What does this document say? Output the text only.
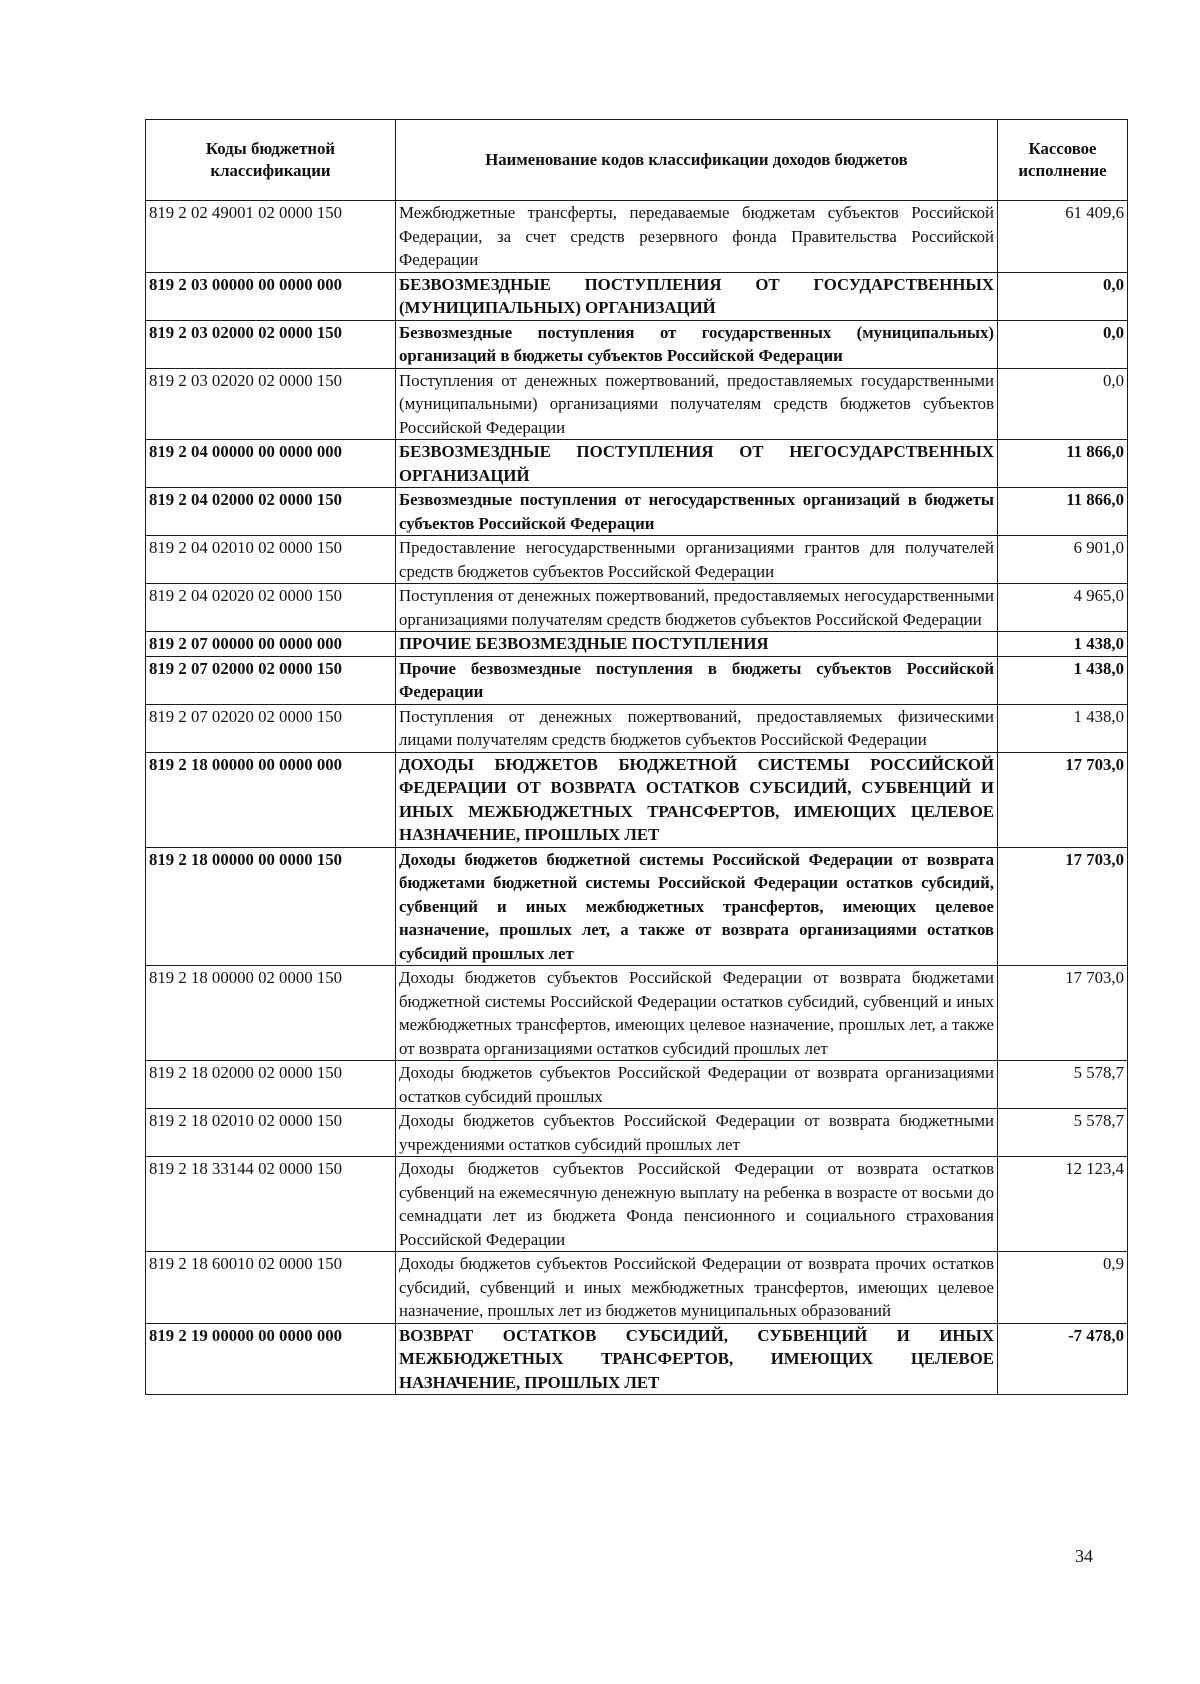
Коды бюджетной классификации	Наименование кодов классификации доходов бюджетов	Кассовое исполнение
819 2 02 49001 02 0000 150	Межбюджетные трансферты, передаваемые бюджетам субъектов Российской Федерации, за счет средств резервного фонда Правительства Российской Федерации	61 409,6
819 2 03 00000 00 0000 000	БЕЗВОЗМЕЗДНЫЕ ПОСТУПЛЕНИЯ ОТ ГОСУДАРСТВЕННЫХ (МУНИЦИПАЛЬНЫХ) ОРГАНИЗАЦИЙ	0,0
819 2 03 02000 02 0000 150	Безвозмездные поступления от государственных (муниципальных) организаций в бюджеты субъектов Российской Федерации	0,0
819 2 03 02020 02 0000 150	Поступления от денежных пожертвований, предоставляемых государственными (муниципальными) организациями получателям средств бюджетов субъектов Российской Федерации	0,0
819 2 04 00000 00 0000 000	БЕЗВОЗМЕЗДНЫЕ ПОСТУПЛЕНИЯ ОТ НЕГОСУДАРСТВЕННЫХ ОРГАНИЗАЦИЙ	11 866,0
819 2 04 02000 02 0000 150	Безвозмездные поступления от негосударственных организаций в бюджеты субъектов Российской Федерации	11 866,0
819 2 04 02010 02 0000 150	Предоставление негосударственными организациями грантов для получателей средств бюджетов субъектов Российской Федерации	6 901,0
819 2 04 02020 02 0000 150	Поступления от денежных пожертвований, предоставляемых негосударственными организациями получателям средств бюджетов субъектов Российской Федерации	4 965,0
819 2 07 00000 00 0000 000	ПРОЧИЕ БЕЗВОЗМЕЗДНЫЕ ПОСТУПЛЕНИЯ	1 438,0
819 2 07 02000 02 0000 150	Прочие безвозмездные поступления в бюджеты субъектов Российской Федерации	1 438,0
819 2 07 02020 02 0000 150	Поступления от денежных пожертвований, предоставляемых физическими лицами получателям средств бюджетов субъектов Российской Федерации	1 438,0
819 2 18 00000 00 0000 000	ДОХОДЫ БЮДЖЕТОВ БЮДЖЕТНОЙ СИСТЕМЫ РОССИЙСКОЙ ФЕДЕРАЦИИ ОТ ВОЗВРАТА ОСТАТКОВ СУБСИДИЙ, СУБВЕНЦИЙ И ИНЫХ МЕЖБЮДЖЕТНЫХ ТРАНСФЕРТОВ, ИМЕЮЩИХ ЦЕЛЕВОЕ НАЗНАЧЕНИЕ, ПРОШЛЫХ ЛЕТ	17 703,0
819 2 18 00000 00 0000 150	Доходы бюджетов бюджетной системы Российской Федерации от возврата бюджетами бюджетной системы Российской Федерации остатков субсидий, субвенций и иных межбюджетных трансфертов, имеющих целевое назначение, прошлых лет, а также от возврата организациями остатков субсидий прошлых лет	17 703,0
819 2 18 00000 02 0000 150	Доходы бюджетов субъектов Российской Федерации от возврата бюджетами бюджетной системы Российской Федерации остатков субсидий, субвенций и иных межбюджетных трансфертов, имеющих целевое назначение, прошлых лет, а также от возврата организациями остатков субсидий прошлых лет	17 703,0
819 2 18 02000 02 0000 150	Доходы бюджетов субъектов Российской Федерации от возврата организациями остатков субсидий прошлых	5 578,7
819 2 18 02010 02 0000 150	Доходы бюджетов субъектов Российской Федерации от возврата бюджетными учреждениями остатков субсидий прошлых лет	5 578,7
819 2 18 33144 02 0000 150	Доходы бюджетов субъектов Российской Федерации от возврата остатков субвенций на ежемесячную денежную выплату на ребенка в возрасте от восьми до семнадцати лет из бюджета Фонда пенсионного и социального страхования Российской Федерации	12 123,4
819 2 18 60010 02 0000 150	Доходы бюджетов субъектов Российской Федерации от возврата прочих остатков субсидий, субвенций и иных межбюджетных трансфертов, имеющих целевое назначение, прошлых лет из бюджетов муниципальных образований	0,9
819 2 19 00000 00 0000 000	ВОЗВРАТ ОСТАТКОВ СУБСИДИЙ, СУБВЕНЦИЙ И ИНЫХ МЕЖБЮДЖЕТНЫХ ТРАНСФЕРТОВ, ИМЕЮЩИХ ЦЕЛЕВОЕ НАЗНАЧЕНИЕ, ПРОШЛЫХ ЛЕТ	-7 478,0
34
